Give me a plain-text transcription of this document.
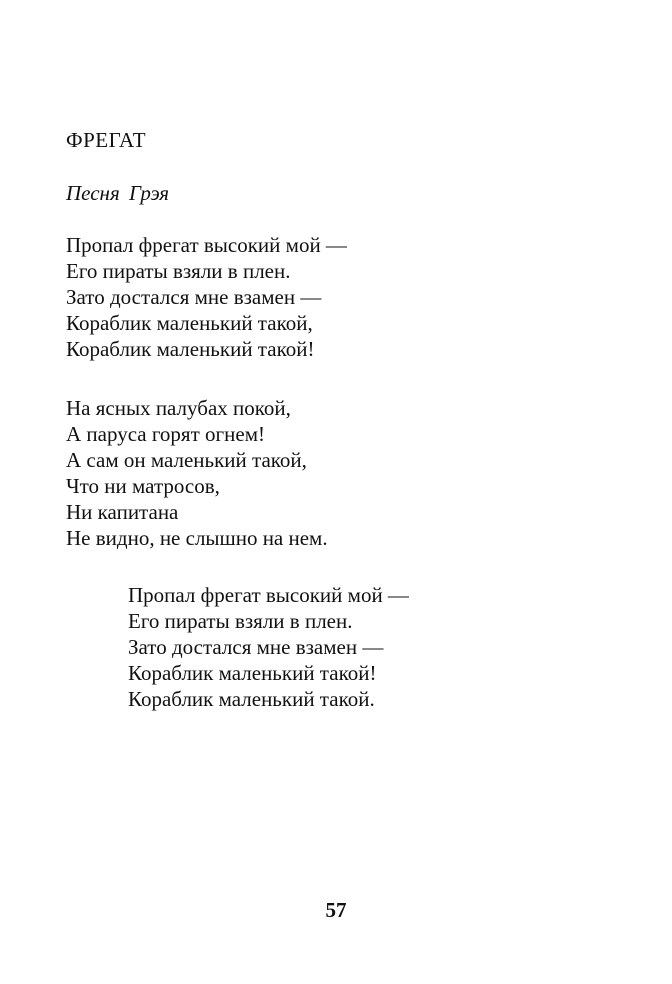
ФРЕГАТ
Песня Грэя
Пропал фрегат высокий мой —
Его пираты взяли в плен.
Зато достался мне взамен —
Кораблик маленький такой,
Кораблик маленький такой!
На ясных палубах покой,
А паруса горят огнем!
А сам он маленький такой,
Что ни матросов,
Ни капитана
Не видно, не слышно на нем.
Пропал фрегат высокий мой —
Его пираты взяли в плен.
Зато достался мне взамен —
Кораблик маленький такой!
Кораблик маленький такой.
57
